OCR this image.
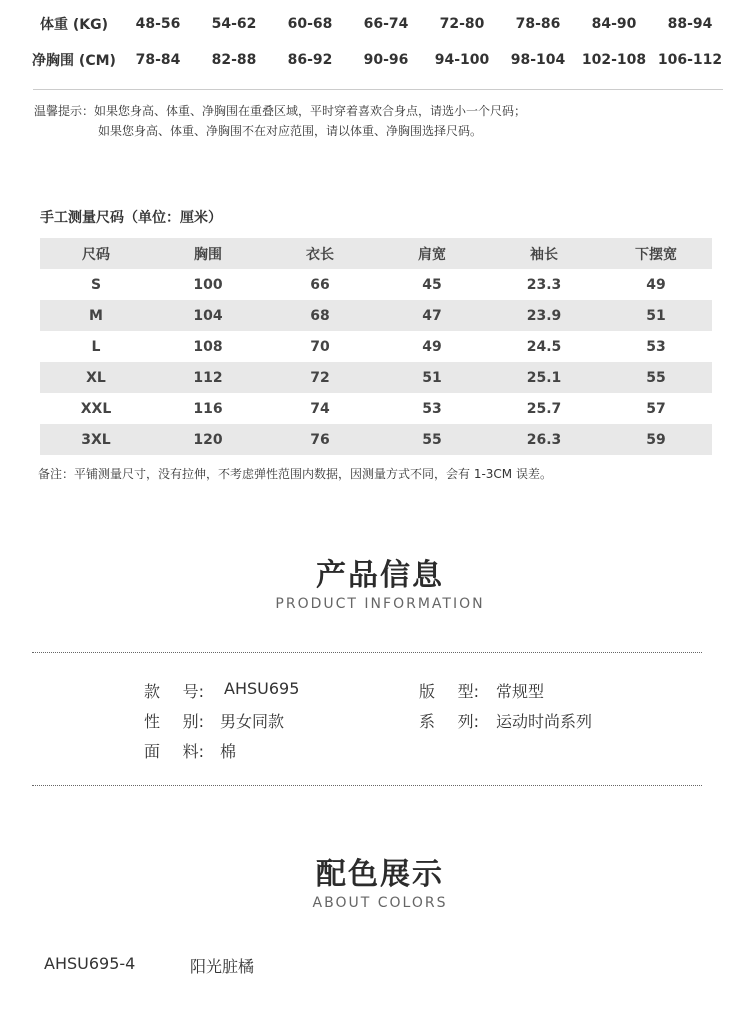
体重 (KG)	48-56	54-62	60-68	66-74	72-80	78-86	84-90	88-94
净胸围 (CM)	78-84	82-88	86-92	90-96	94-100	98-104	102-108	106-112
温馨提示：如果您身高、体重、净胸围在重叠区域，平时穿着喜欢合身点，请选小一个尺码；
如果您身高、体重、净胸围不在对应范围，请以体重、净胸围选择尺码。
手工测量尺码（单位：厘米）
尺码	胸围	衣长	肩宽	袖长	下摆宽
S	100	66	45	23.3	49
M	104	68	47	23.9	51
L	108	70	49	24.5	53
XL	112	72	51	25.1	55
XXL	116	74	53	25.7	57
3XL	120	76	55	26.3	59
备注：平铺测量尺寸，没有拉伸，不考虑弹性范围内数据，因测量方式不同，会有 1-3CM 误差。
产品信息
PRODUCT INFORMATION
款 号: AHSU695	版 型: 常规型
性 别: 男女同款	系 列: 运动时尚系列
面 料: 棉
配色展示
ABOUT COLORS
AHSU695-4	阳光脏橘
